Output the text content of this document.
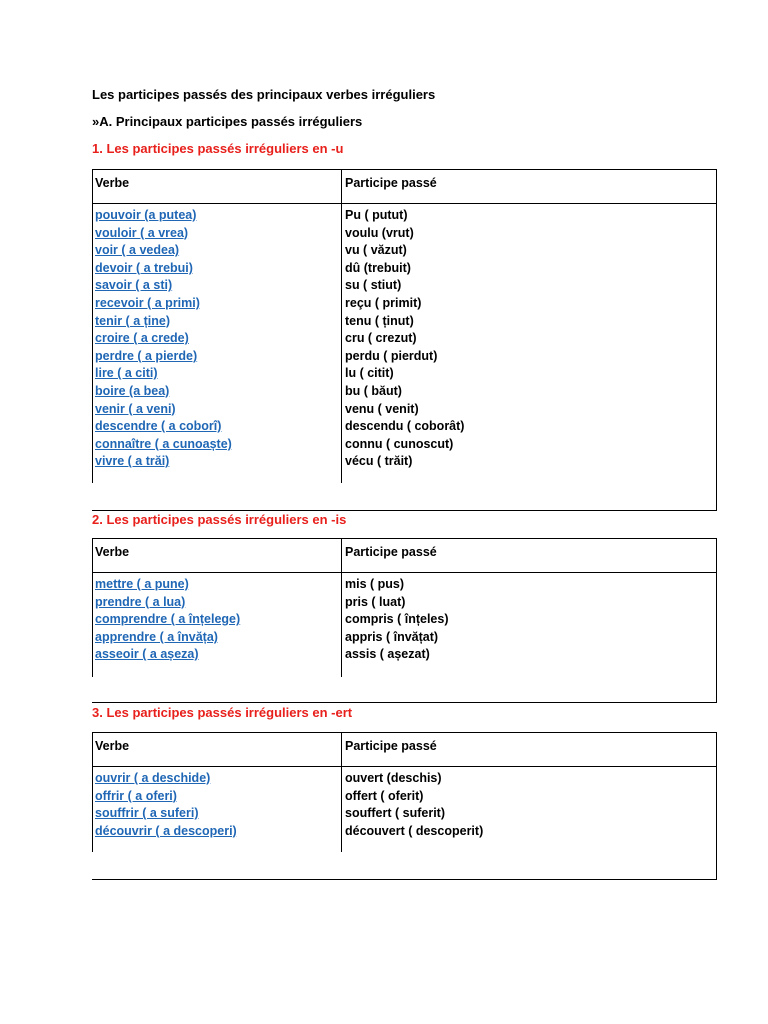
Les participes passés des principaux verbes irréguliers
»A. Principaux participes passés irréguliers
1. Les participes passés irréguliers en -u
Verbe	Participe passé
pouvoir (a putea)	Pu ( putut)
vouloir ( a vrea)	voulu (vrut)
voir ( a vedea)	vu ( văzut)
devoir ( a trebui)	dû (trebuit)
savoir ( a sti)	su ( stiut)
recevoir ( a primi)	reçu ( primit)
tenir ( a ține)	tenu ( ținut)
croire ( a crede)	cru ( crezut)
perdre ( a pierde)	perdu ( pierdut)
lire ( a citi)	lu ( citit)
boire (a bea)	bu ( băut)
venir ( a veni)	venu ( venit)
descendre ( a coborî)	descendu ( coborât)
connaître ( a cunoaște)	connu ( cunoscut)
vivre ( a trăi)	vécu ( trăit)
2. Les participes passés irréguliers en -is
Verbe	Participe passé
mettre ( a pune)	mis ( pus)
prendre ( a lua)	pris ( luat)
comprendre ( a înțelege)	compris ( înțeles)
apprendre ( a învăța)	appris ( învățat)
asseoir ( a așeza)	assis ( așezat)
3. Les participes passés irréguliers en -ert
Verbe	Participe passé
ouvrir ( a deschide)	ouvert (deschis)
offrir ( a oferi)	offert ( oferit)
souffrir ( a suferi)	souffert ( suferit)
découvrir ( a descoperi)	découvert ( descoperit)
